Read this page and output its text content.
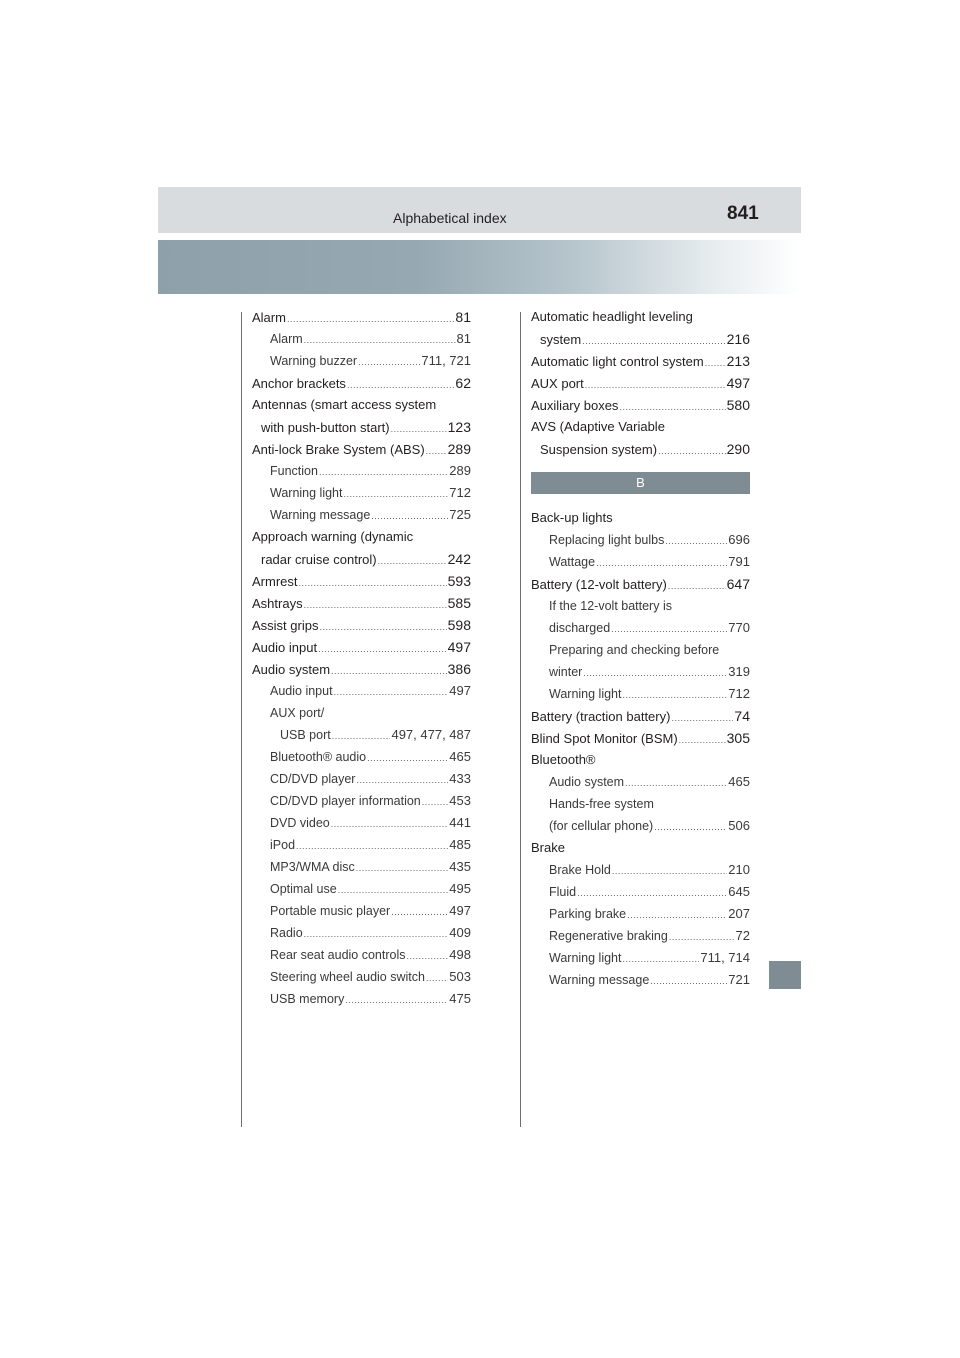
Alphabetical index	841
Alarm .....	81
Alarm .....	81
Warning buzzer .....	711, 721
Anchor brackets .....	62
Antennas (smart access system
with push-button start) .....	123
Anti-lock Brake System (ABS) ..... 289
Function .....	289
Warning light .....	712
Warning message .....	725
Approach warning (dynamic
radar cruise control) .....	242
Armrest .....	593
Ashtrays .....	585
Assist grips .....	598
Audio input .....	497
Audio system .....	386
Audio input .....	497
AUX port/
USB port .....	497, 477, 487
Bluetooth® audio .....	465
CD/DVD player .....	433
CD/DVD player information ..... 453
DVD video .....	441
iPod .....	485
MP3/WMA disc .....	435
Optimal use .....	495
Portable music player .....	497
Radio .....	409
Rear seat audio controls .....	498
Steering wheel audio switch ..... 503
USB memory .....	475
Automatic headlight leveling
system .....	216
Automatic light control system ..... 213
AUX port .....	497
Auxiliary boxes .....	580
AVS (Adaptive Variable
Suspension system) .....	290
B
Back-up lights
Replacing light bulbs .....	696
Wattage .....	791
Battery (12-volt battery) .....	647
If the 12-volt battery is
discharged .....	770
Preparing and checking before
winter .....	319
Warning light .....	712
Battery (traction battery) .....	74
Blind Spot Monitor (BSM) .....	305
Bluetooth®
Audio system .....	465
Hands-free system
(for cellular phone) .....	506
Brake
Brake Hold .....	210
Fluid .....	645
Parking brake .....	207
Regenerative braking .....	72
Warning light .....	711, 714
Warning message .....	721
